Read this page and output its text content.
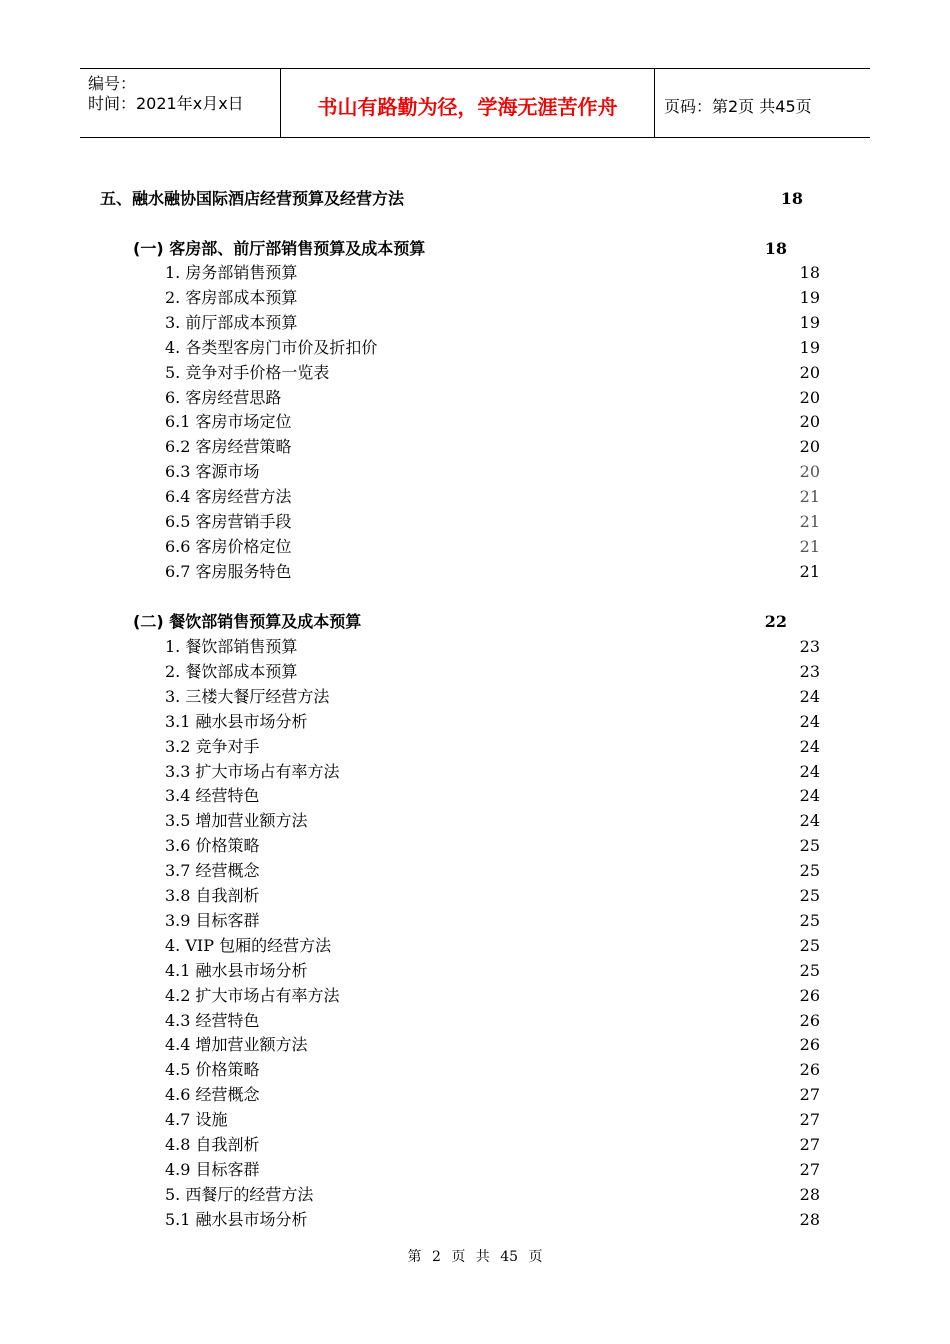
编号：
时间：2021年x月x日	书山有路勤为径，学海无涯苦作舟	页码：第2页 共45页
五、融水融协国际酒店经营预算及经营方法	18
(一) 客房部、前厅部销售预算及成本预算	18
1. 房务部销售预算	18
2. 客房部成本预算	19
3. 前厅部成本预算	19
4. 各类型客房门市价及折扣价	19
5. 竞争对手价格一览表	20
6. 客房经营思路	20
6.1 客房市场定位	20
6.2 客房经营策略	20
6.3 客源市场	20
6.4 客房经营方法	21
6.5 客房营销手段	21
6.6 客房价格定位	21
6.7 客房服务特色	21
(二) 餐饮部销售预算及成本预算	22
1. 餐饮部销售预算	23
2. 餐饮部成本预算	23
3. 三楼大餐厅经营方法	24
3.1 融水县市场分析	24
3.2 竞争对手	24
3.3 扩大市场占有率方法	24
3.4 经营特色	24
3.5 增加营业额方法	24
3.6 价格策略	25
3.7 经营概念	25
3.8 自我剖析	25
3.9 目标客群	25
4. VIP 包厢的经营方法	25
4.1 融水县市场分析	25
4.2 扩大市场占有率方法	26
4.3 经营特色	26
4.4 增加营业额方法	26
4.5 价格策略	26
4.6 经营概念	27
4.7 设施	27
4.8 自我剖析	27
4.9 目标客群	27
5. 西餐厅的经营方法	28
5.1 融水县市场分析	28
第 2 页 共 45 页
